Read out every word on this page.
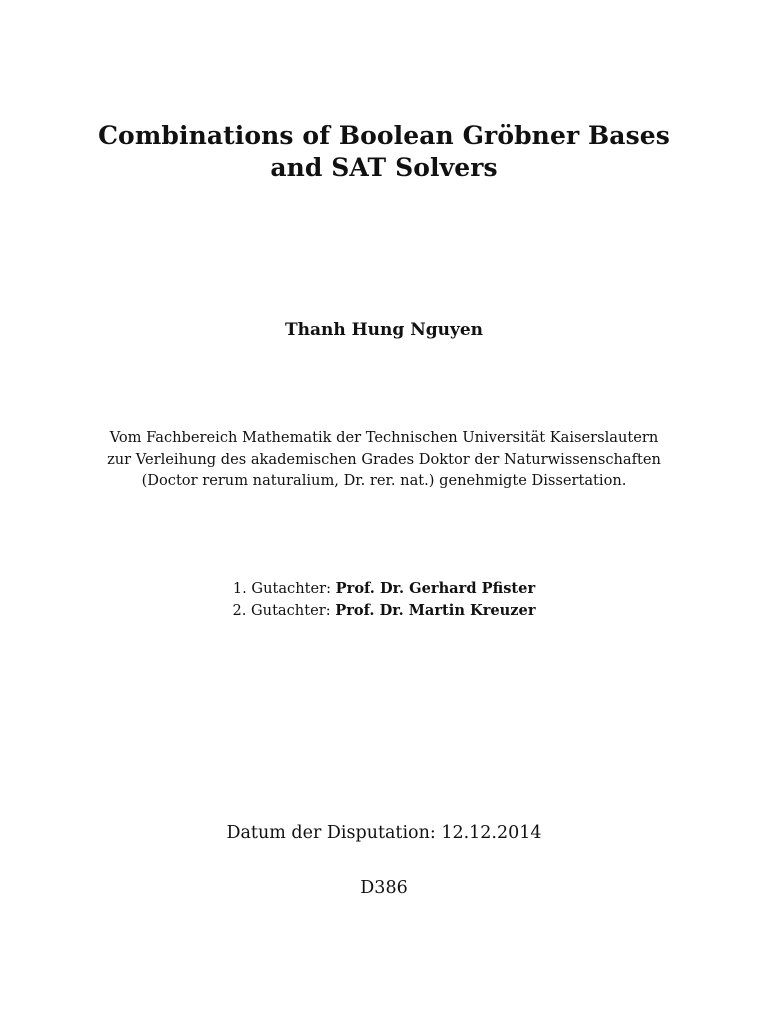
Combinations of Boolean Gröbner Bases
and SAT Solvers
Thanh Hung Nguyen
Vom Fachbereich Mathematik der Technischen Universität Kaiserslautern
zur Verleihung des akademischen Grades Doktor der Naturwissenschaften
(Doctor rerum naturalium, Dr. rer. nat.) genehmigte Dissertation.
1. Gutachter: Prof. Dr. Gerhard Pfister
2. Gutachter: Prof. Dr. Martin Kreuzer
Datum der Disputation: 12.12.2014
D386
